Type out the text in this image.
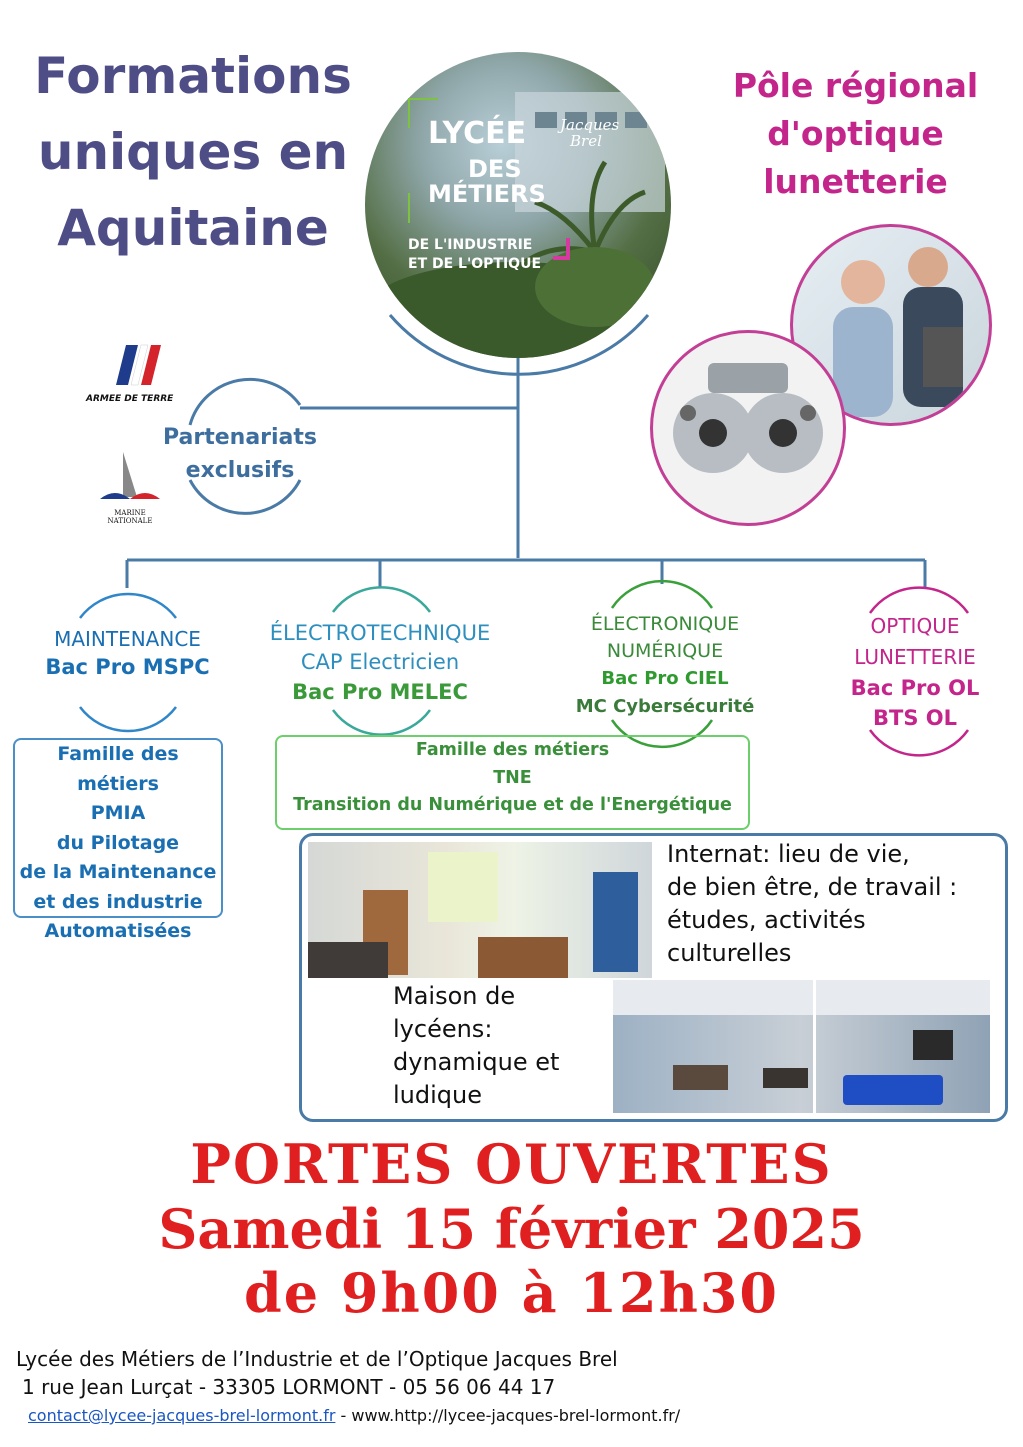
Formations
uniques en
Aquitaine
Pôle régional
d'optique
lunetterie
LYCÉE Jacques
Brel
DES
MÉTIERS
DE L'INDUSTRIE
ET DE L'OPTIQUE
ARMEE DE TERRE
MARINE
NATIONALE
Partenariats
exclusifs
MAINTENANCE
Bac Pro MSPC
ÉLECTROTECHNIQUE
CAP Electricien
Bac Pro MELEC
ÉLECTRONIQUE
NUMÉRIQUE
Bac Pro CIEL
MC Cybersécurité
OPTIQUE
LUNETTERIE
Bac Pro OL
BTS OL

Famille des métiers

PMIA

du Pilotage

de la Maintenance

et des industrie

Automatisées

Famille des métiers

TNE

Transition du Numérique et de l'Energétique

Internat: lieu de vie,
de bien être, de travail :
études, activités
culturelles
Maison de
lycéens:
dynamique et
ludique
PORTES OUVERTES
Samedi 15 février 2025
de 9h00 à 12h30
Lycée des Métiers de l’Industrie et de l’Optique Jacques Brel
1 rue Jean Lurçat - 33305 LORMONT - 05 56 06 44 17
contact@lycee-jacques-brel-lormont.fr - www.http://lycee-jacques-brel-lormont.fr/
